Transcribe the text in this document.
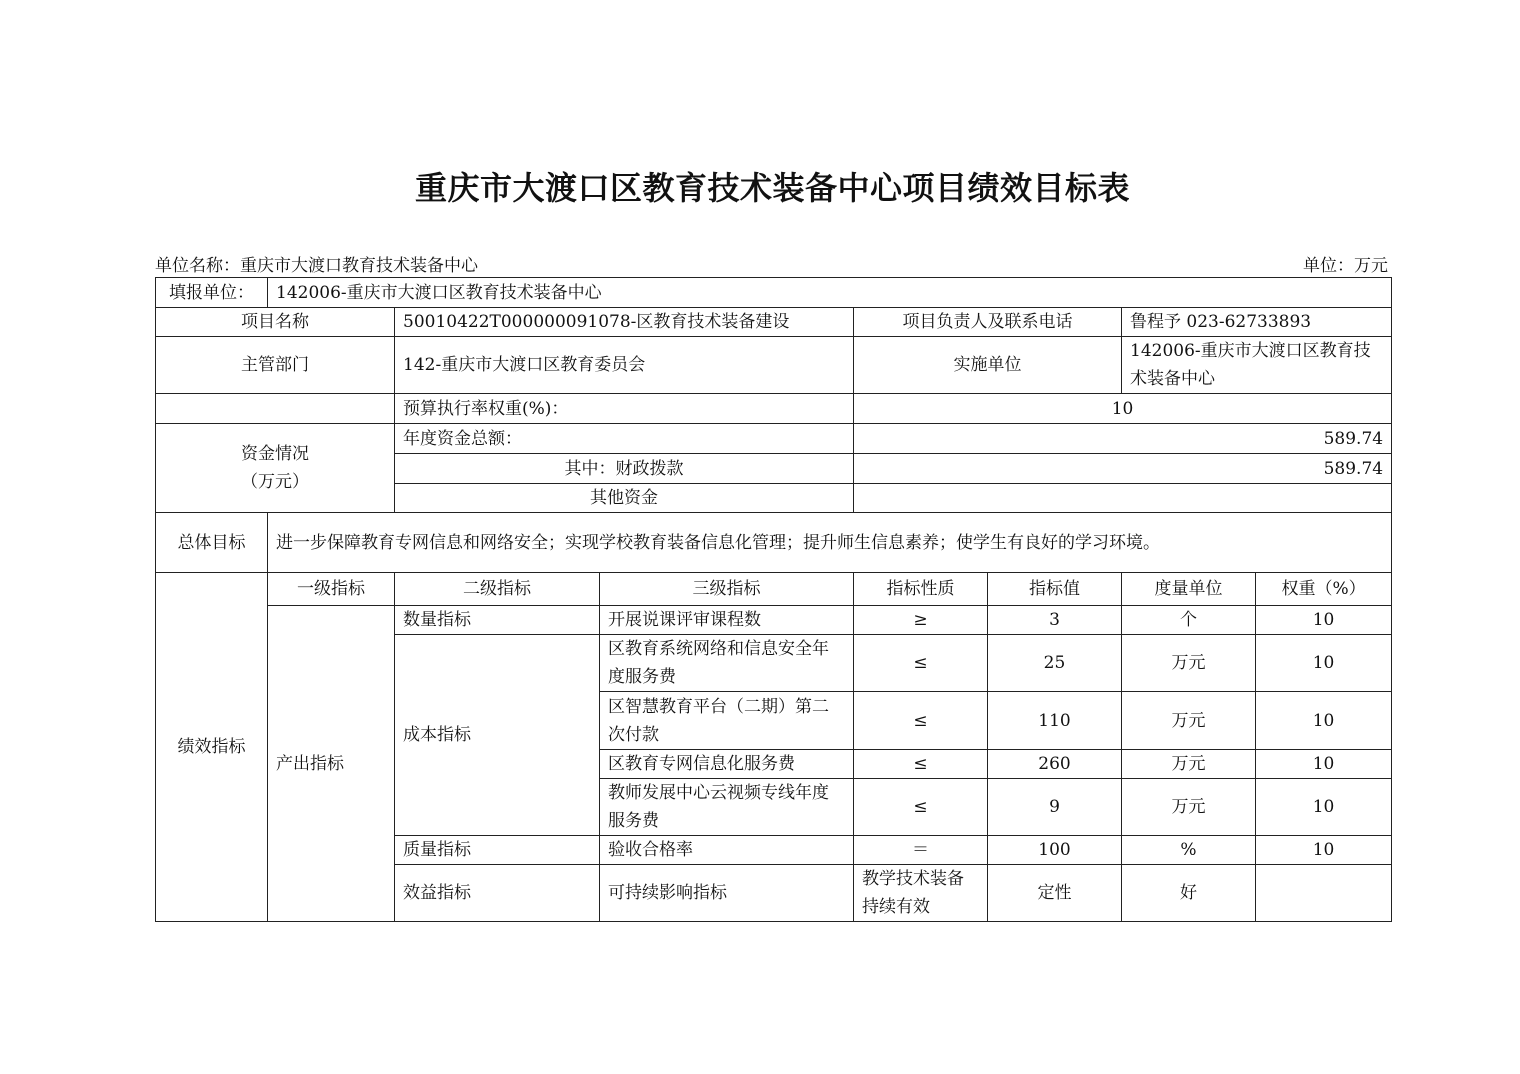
重庆市大渡口区教育技术装备中心项目绩效目标表
单位名称：重庆市大渡口教育技术装备中心	单位：万元
填报单位：	142006-重庆市大渡口区教育技术装备中心							
项目名称		50010422T000000091078-区教育技术装备建设		项目负责人及联系电话		鲁程予 023-62733893		
主管部门		142-重庆市大渡口区教育委员会		实施单位		142006-重庆市大渡口区教育技术装备中心		
		预算执行率权重(%)：		10				

资金情况
（万元）		年度资金总额：		589.74				
		其中：财政拨款		589.74				
		其他资金						
总体目标	进一步保障教育专网信息和网络安全；实现学校教育装备信息化管理；提升师生信息素养；使学生有良好的学习环境。							
绩效指标	一级指标	二级指标	三级指标	指标性质	指标值	度量单位	权重（%）	
	产出指标	数量指标	开展说课评审课程数	≥	3	个	10	
		成本指标	区教育系统网络和信息安全年度服务费	≤	25	万元	10	
			区智慧教育平台（二期）第二次付款	≤	110	万元	10	
			区教育专网信息化服务费	≤	260	万元	10	
			教师发展中心云视频专线年度服务费	≤	9	万元	10	
		质量指标	验收合格率	＝	100	%	10	
		效益指标	可持续影响指标	教学技术装备持续有效	定性	好		
